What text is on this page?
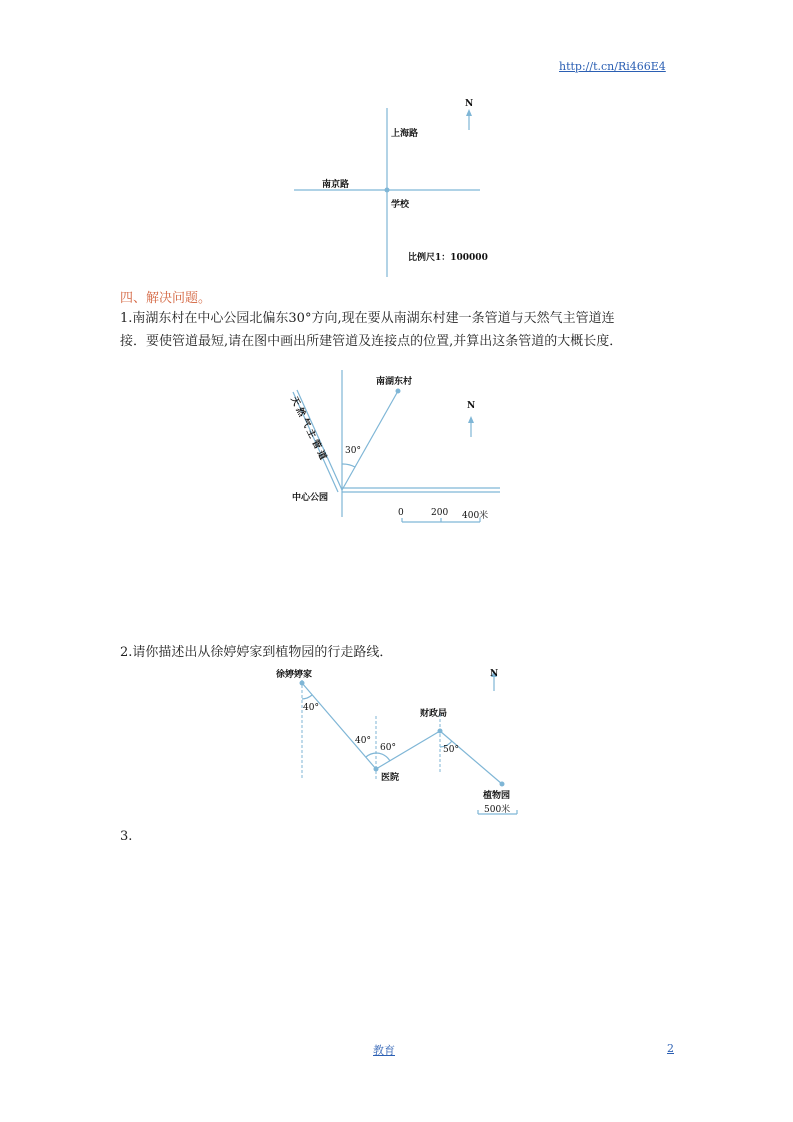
http://t.cn/Ri466E4
N
上海路
南京路
学校
比例尺1：100000
四、解决问题。
1.南湖东村在中心公园北偏东30°方向,现在要从南湖东村建一条管道与天然气主管道连
接．要使管道最短,请在图中画出所建管道及连接点的位置,并算出这条管道的大概长度．
南湖东村
天然气主管道 30°
中心公园
N
0	200 400米
2.请你描述出从徐婷婷家到植物园的行走路线．
徐婷婷家
40°
40°
60°
医院
财政局
50°
植物园
500米
N
3.
教育	2
